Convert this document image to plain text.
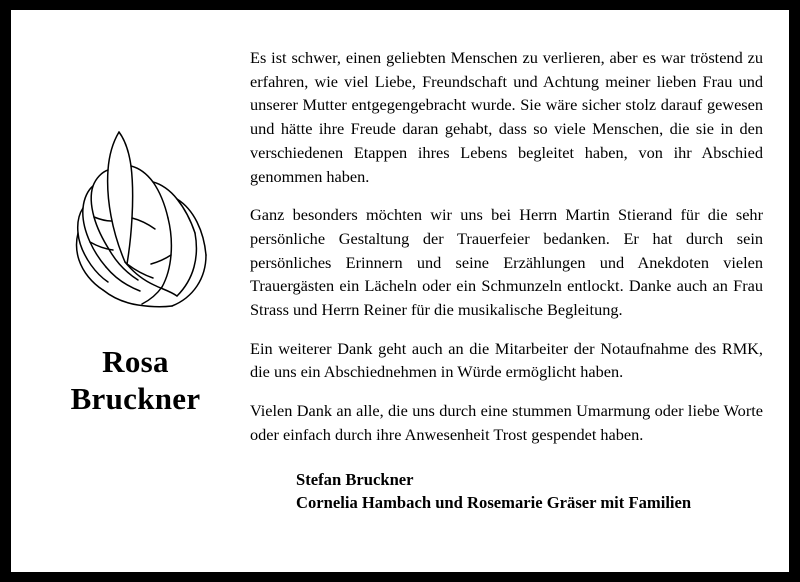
Rosa
Bruckner

Es ist schwer, einen geliebten Menschen zu verlieren, aber es war tröstend zu erfahren, wie viel Liebe, Freundschaft und Achtung meiner lieben Frau und unserer Mutter entgegengebracht wurde. Sie wäre sicher stolz darauf gewesen und hätte ihre Freude daran gehabt, dass so viele Menschen, die sie in den verschiedenen Etappen ihres Lebens begleitet haben, von ihr Abschied genommen haben.

Ganz besonders möchten wir uns bei Herrn Martin Stierand für die sehr persönliche Gestaltung der Trauerfeier bedanken. Er hat durch sein persönliches Erinnern und seine Erzählungen und Anekdoten vielen Trauergästen ein Lächeln oder ein Schmunzeln entlockt. Danke auch an Frau Strass und Herrn Reiner für die musikalische Begleitung.

Ein weiterer Dank geht auch an die Mitarbeiter der Notaufnahme des RMK, die uns ein Abschiednehmen in Würde ermöglicht haben.

Vielen Dank an alle, die uns durch eine stummen Umarmung oder liebe Worte oder einfach durch ihre Anwesenheit Trost gespendet haben.

Stefan Bruckner
Cornelia Hambach und Rosemarie Gräser mit Familien
